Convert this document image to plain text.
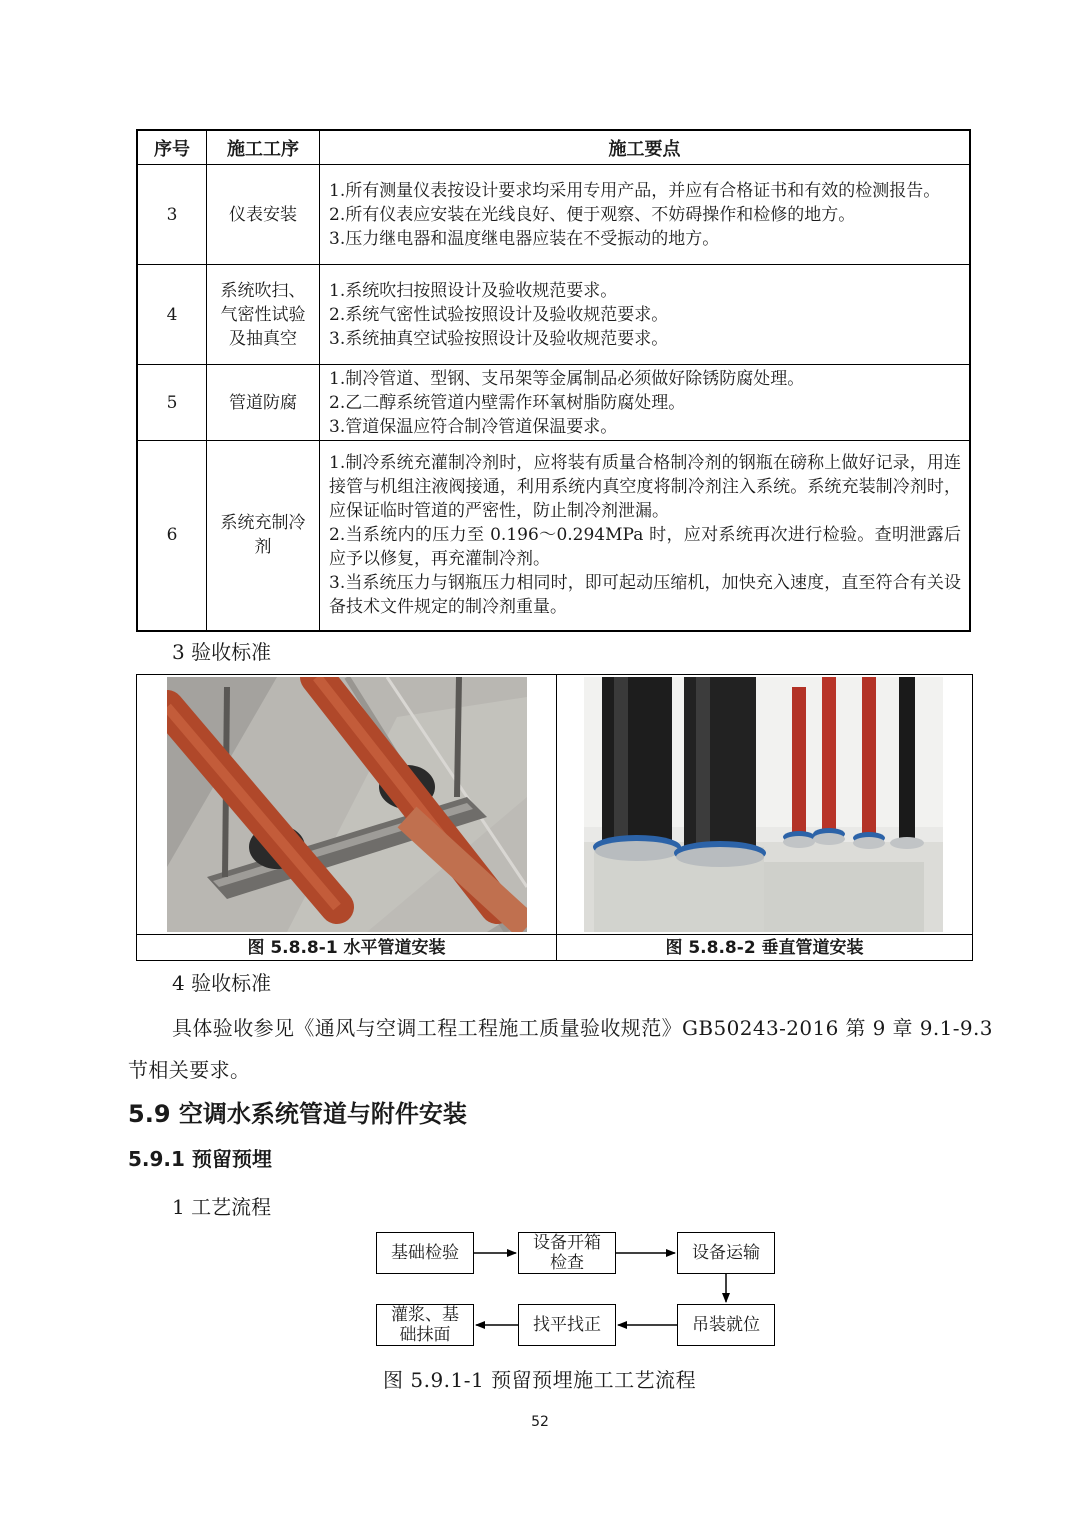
序号	施工工序	施工要点
3	仪表安装	1.所有测量仪表按设计要求均采用专用产品，并应有合格证书和有效的检测报告。
2.所有仪表应安装在光线良好、便于观察、不妨碍操作和检修的地方。
3.压力继电器和温度继电器应装在不受振动的地方。

4	系统吹扫、气密性试验及抽真空	1.系统吹扫按照设计及验收规范要求。
2.系统气密性试验按照设计及验收规范要求。
3.系统抽真空试验按照设计及验收规范要求。

5	管道防腐	1.制冷管道、型钢、支吊架等金属制品必须做好除锈防腐处理。
2.乙二醇系统管道内壁需作环氧树脂防腐处理。
3.管道保温应符合制冷管道保温要求。

6	系统充制冷剂	1.制冷系统充灌制冷剂时，应将装有质量合格制冷剂的钢瓶在磅称上做好记录，用连接管与机组注液阀接通，利用系统内真空度将制冷剂注入系统。系统充装制冷剂时，应保证临时管道的严密性，防止制冷剂泄漏。
2.当系统内的压力至 0.196～0.294MPa 时，应对系统再次进行检验。查明泄露后应予以修复，再充灌制冷剂。
3.当系统压力与钢瓶压力相同时，即可起动压缩机，加快充入速度，直至符合有关设备技术文件规定的制冷剂重量。
3 验收标准
图 5.8.8-1 水平管道安装	图 5.8.8-2 垂直管道安装
4 验收标准
具体验收参见《通风与空调工程工程施工质量验收规范》GB50243-2016 第 9 章 9.1-9.3
节相关要求。
5.9 空调水系统管道与附件安装
5.9.1 预留预埋
1 工艺流程
基础检验	设备开箱检查	设备运输
吊装就位
找平找正
灌浆、基础抹面
图 5.9.1-1 预留预埋施工工艺流程
52
